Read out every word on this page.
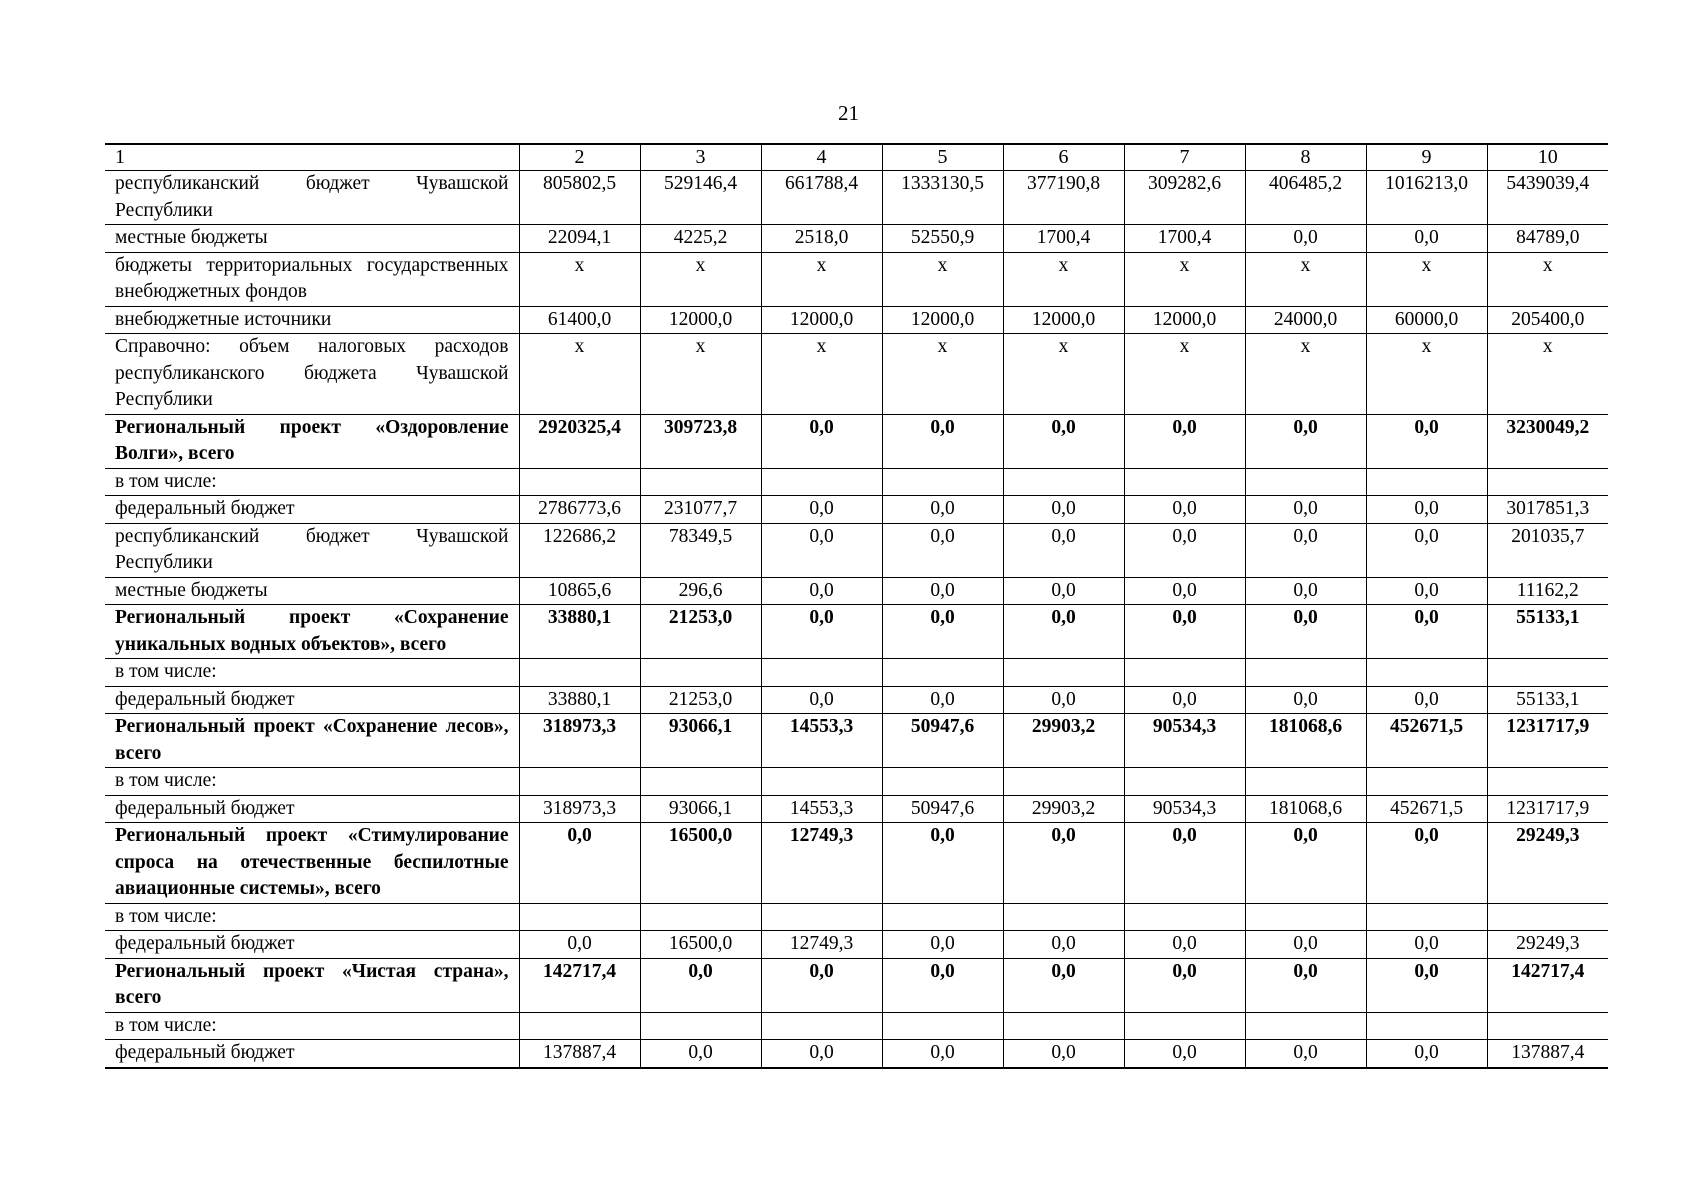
21
1	2	3	4	5	6	7	8	9	10
республиканский бюджет Чувашской Республики	805802,5	529146,4	661788,4	1333130,5	377190,8	309282,6	406485,2	1016213,0	5439039,4
местные бюджеты	22094,1	4225,2	2518,0	52550,9	1700,4	1700,4	0,0	0,0	84789,0
бюджеты территориальных государственных внебюджетных фондов	x	x	x	x	x	x	x	x	x
внебюджетные источники	61400,0	12000,0	12000,0	12000,0	12000,0	12000,0	24000,0	60000,0	205400,0
Справочно: объем налоговых расходов республиканского бюджета Чувашской Республики	x	x	x	x	x	x	x	x	x
Региональный проект «Оздоровление Волги», всего	2920325,4	309723,8	0,0	0,0	0,0	0,0	0,0	0,0	3230049,2
в том числе:									
федеральный бюджет	2786773,6	231077,7	0,0	0,0	0,0	0,0	0,0	0,0	3017851,3
республиканский бюджет Чувашской Республики	122686,2	78349,5	0,0	0,0	0,0	0,0	0,0	0,0	201035,7
местные бюджеты	10865,6	296,6	0,0	0,0	0,0	0,0	0,0	0,0	11162,2
Региональный проект «Сохранение уникальных водных объектов», всего	33880,1	21253,0	0,0	0,0	0,0	0,0	0,0	0,0	55133,1
в том числе:									
федеральный бюджет	33880,1	21253,0	0,0	0,0	0,0	0,0	0,0	0,0	55133,1
Региональный проект «Сохранение лесов», всего	318973,3	93066,1	14553,3	50947,6	29903,2	90534,3	181068,6	452671,5	1231717,9
в том числе:									
федеральный бюджет	318973,3	93066,1	14553,3	50947,6	29903,2	90534,3	181068,6	452671,5	1231717,9
Региональный проект «Стимулирование спроса на отечественные беспилотные авиационные системы», всего	0,0	16500,0	12749,3	0,0	0,0	0,0	0,0	0,0	29249,3
в том числе:									
федеральный бюджет	0,0	16500,0	12749,3	0,0	0,0	0,0	0,0	0,0	29249,3
Региональный проект «Чистая страна», всего	142717,4	0,0	0,0	0,0	0,0	0,0	0,0	0,0	142717,4
в том числе:									
федеральный бюджет	137887,4	0,0	0,0	0,0	0,0	0,0	0,0	0,0	137887,4
